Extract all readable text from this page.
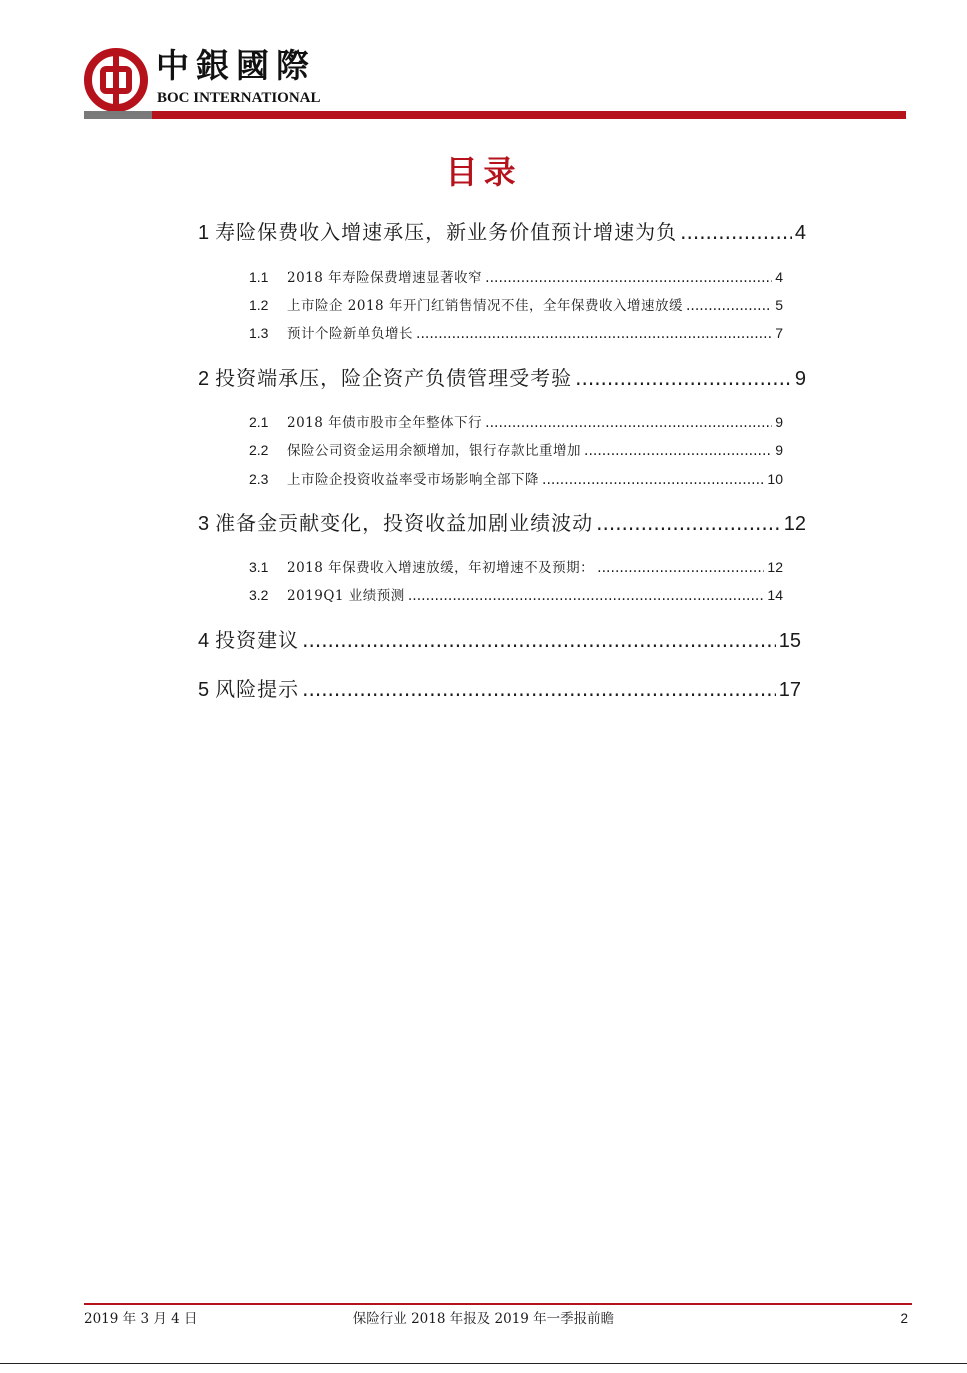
中銀國際
BOC INTERNATIONAL
目录
1 寿险保费收入增速承压，新业务价值预计增速为负 .....	4
1.1	2018 年寿险保费增速显著收窄 .....	4
1.2	上市险企 2018 年开门红销售情况不佳，全年保费收入增速放缓 .....	5
1.3	预计个险新单负增长 .....	7
2 投资端承压，险企资产负债管理受考验 .....	9
2.1	2018 年债市股市全年整体下行 .....	9
2.2	保险公司资金运用余额增加，银行存款比重增加 .....	9
2.3	上市险企投资收益率受市场影响全部下降 .....	10
3 准备金贡献变化，投资收益加剧业绩波动 .....	12
3.1	2018 年保费收入增速放缓，年初增速不及预期： .....	12
3.2	2019Q1 业绩预测 .....	14
4 投资建议 .....	15
5 风险提示 .....	17
2019 年 3 月 4 日	保险行业 2018 年报及 2019 年一季报前瞻	2
